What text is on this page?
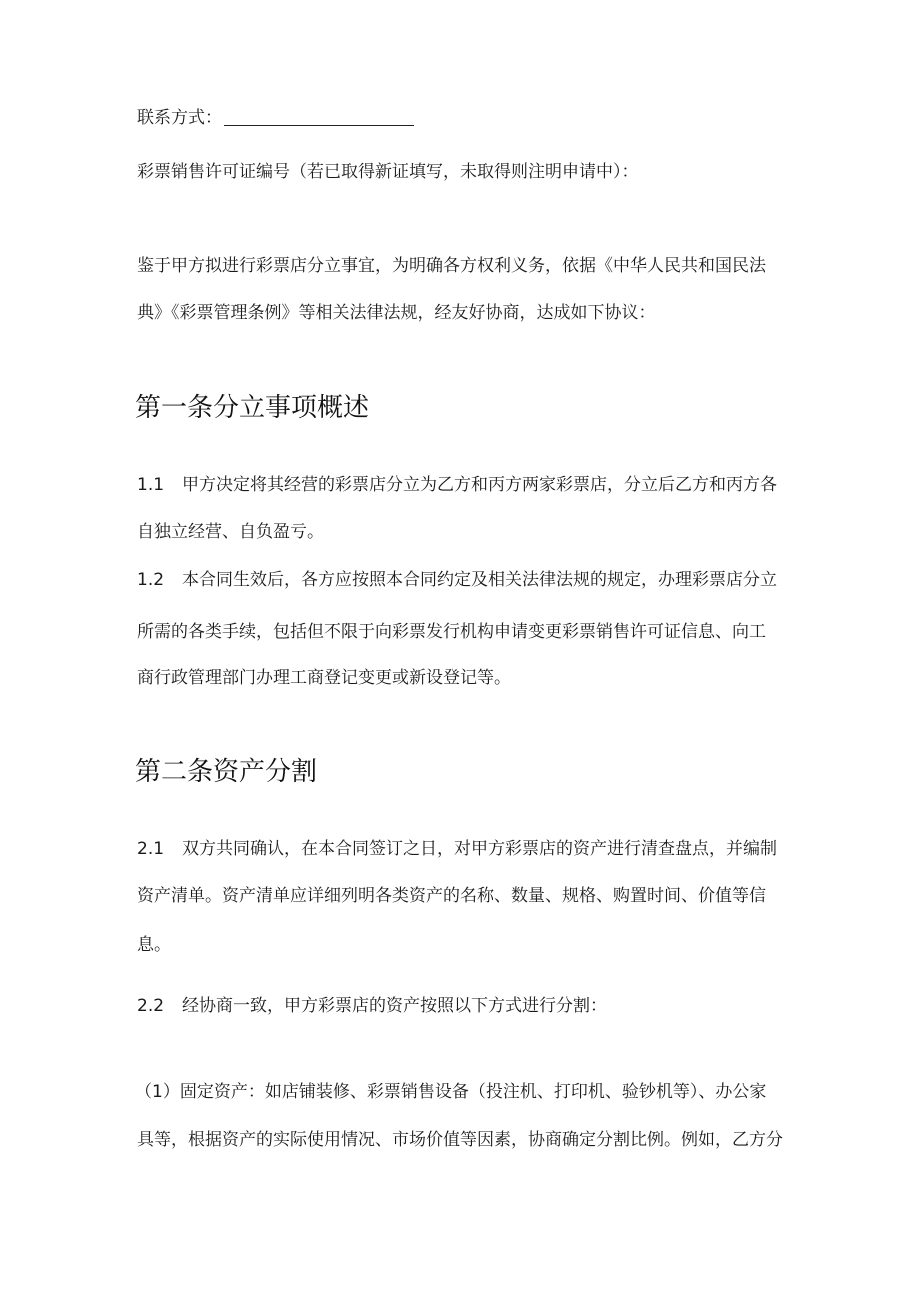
联系方式：
彩票销售许可证编号（若已取得新证填写，未取得则注明申请中）：
鉴于甲方拟进行彩票店分立事宜，为明确各方权利义务，依据《中华人民共和国民法
典》《彩票管理条例》等相关法律法规，经友好协商，达成如下协议：
第一条分立事项概述
1.1 甲方决定将其经营的彩票店分立为乙方和丙方两家彩票店，分立后乙方和丙方各
自独立经营、自负盈亏。
1.2 本合同生效后，各方应按照本合同约定及相关法律法规的规定，办理彩票店分立
所需的各类手续，包括但不限于向彩票发行机构申请变更彩票销售许可证信息、向工
商行政管理部门办理工商登记变更或新设登记等。
第二条资产分割
2.1 双方共同确认，在本合同签订之日，对甲方彩票店的资产进行清查盘点，并编制
资产清单。资产清单应详细列明各类资产的名称、数量、规格、购置时间、价值等信
息。
2.2 经协商一致，甲方彩票店的资产按照以下方式进行分割：
（1）固定资产：如店铺装修、彩票销售设备（投注机、打印机、验钞机等）、办公家
具等，根据资产的实际使用情况、市场价值等因素，协商确定分割比例。例如，乙方分
